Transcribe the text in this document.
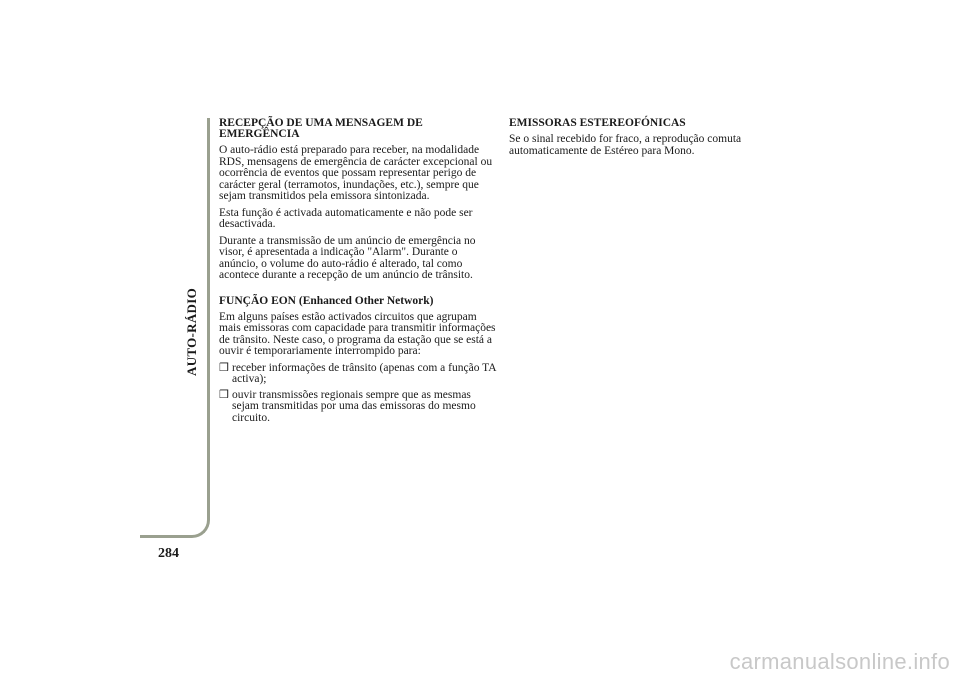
AUTO-RÁDIO
284
RECEPÇÃO DE UMA MENSAGEM DE EMERGÊNCIA

O auto-rádio está preparado para receber, na modalidade RDS, mensagens de emergência de carácter excepcional ou ocorrência de eventos que possam representar perigo de carácter geral (terramotos, inundações, etc.), sempre que sejam transmitidos pela emissora sintonizada.

Esta função é activada automaticamente e não pode ser desactivada.

Durante a transmissão de um anúncio de emergência no visor, é apresentada a indicação "Alarm". Durante o anúncio, o volume do auto-rádio é alterado, tal como acontece durante a recepção de um anúncio de trânsito.

FUNÇÃO EON (Enhanced Other Network)

Em alguns países estão activados circuitos que agrupam mais emissoras com capacidade para transmitir informações de trânsito. Neste caso, o programa da estação que se está a ouvir é temporariamente interrompido para:

❒ receber informações de trânsito (apenas com a função TA activa);
❒ ouvir transmissões regionais sempre que as mesmas sejam transmitidas por uma das emissoras do mesmo circuito.
EMISSORAS ESTEREOFÓNICAS

Se o sinal recebido for fraco, a reprodução comuta automaticamente de Estéreo para Mono.

carmanualsonline.info
